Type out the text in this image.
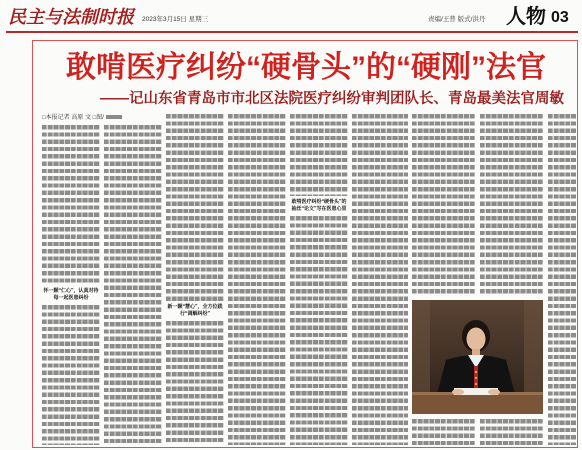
民主与法制时报 2023年3月15日 星期三	责编/王普 版式/洪丹 人物 03
敢啃医疗纠纷“硬骨头”的“硬刚”法官
——记山东省青岛市市北区法院医疗纠纷审判团队长、青岛最美法官周敏
□本报记者 高原 文 □图/
怀一颗“仁心”，认真对待
每一起医患纠纷
新一颗“慧心”，全方位践
行“调解纠纷”
敢啃医疗纠纷“硬骨头”的
抽丝“论文”写在医患心里
